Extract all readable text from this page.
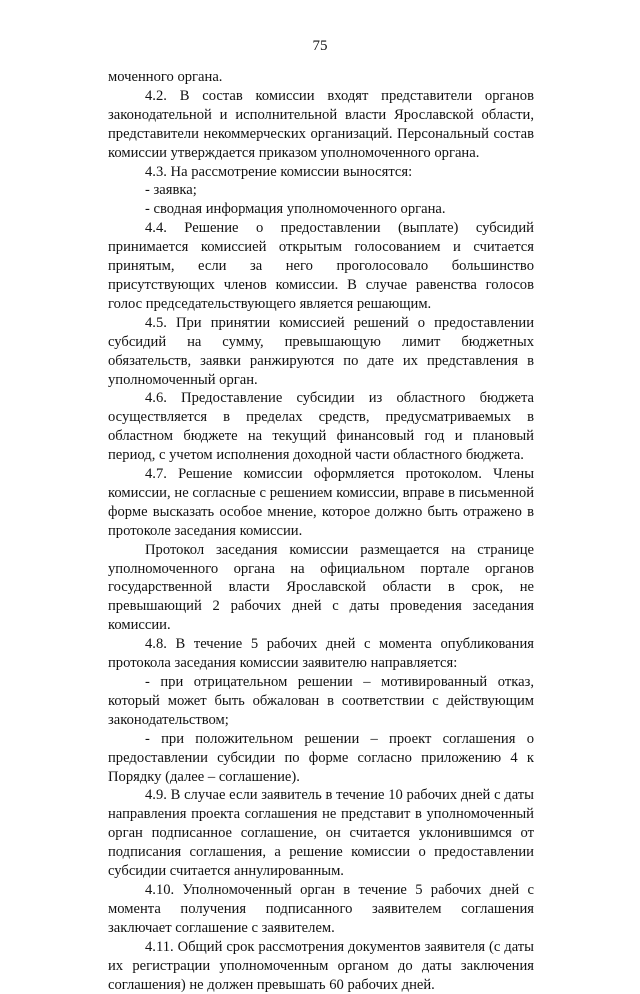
75

моченного органа.

4.2. В состав комиссии входят представители органов законодательной и исполнительной власти Ярославской области, представители некоммерческих организаций. Персональный состав комиссии утверждается приказом уполномоченного органа.

4.3. На рассмотрение комиссии выносятся:

- заявка;

- сводная информация уполномоченного органа.

4.4. Решение о предоставлении (выплате) субсидий принимается комиссией открытым голосованием и считается принятым, если за него проголосовало большинство присутствующих членов комиссии. В случае равенства голосов голос председательствующего является решающим.

4.5. При принятии комиссией решений о предоставлении субсидий на сумму, превышающую лимит бюджетных обязательств, заявки ранжируются по дате их представления в уполномоченный орган.

4.6. Предоставление субсидии из областного бюджета осуществляется в пределах средств, предусматриваемых в областном бюджете на текущий финансовый год и плановый период, с учетом исполнения доходной части областного бюджета.

4.7. Решение комиссии оформляется протоколом. Члены комиссии, не согласные с решением комиссии, вправе в письменной форме высказать особое мнение, которое должно быть отражено в протоколе заседания комиссии.

Протокол заседания комиссии размещается на странице уполномоченного органа на официальном портале органов государственной власти Ярославской области в срок, не превышающий 2 рабочих дней с даты проведения заседания комиссии.

4.8. В течение 5 рабочих дней с момента опубликования протокола заседания комиссии заявителю направляется:

- при отрицательном решении – мотивированный отказ, который может быть обжалован в соответствии с действующим законодательством;

- при положительном решении – проект соглашения о предоставлении субсидии по форме согласно приложению 4 к Порядку (далее – соглашение).

4.9. В случае если заявитель в течение 10 рабочих дней с даты направления проекта соглашения не представит в уполномоченный орган подписанное соглашение, он считается уклонившимся от подписания соглашения, а решение комиссии о предоставлении субсидии считается аннулированным.

4.10. Уполномоченный орган в течение 5 рабочих дней с момента получения подписанного заявителем соглашения заключает соглашение с заявителем.

4.11. Общий срок рассмотрения документов заявителя (с даты их регистрации уполномоченным органом до даты заключения соглашения) не должен превышать 60 рабочих дней.
